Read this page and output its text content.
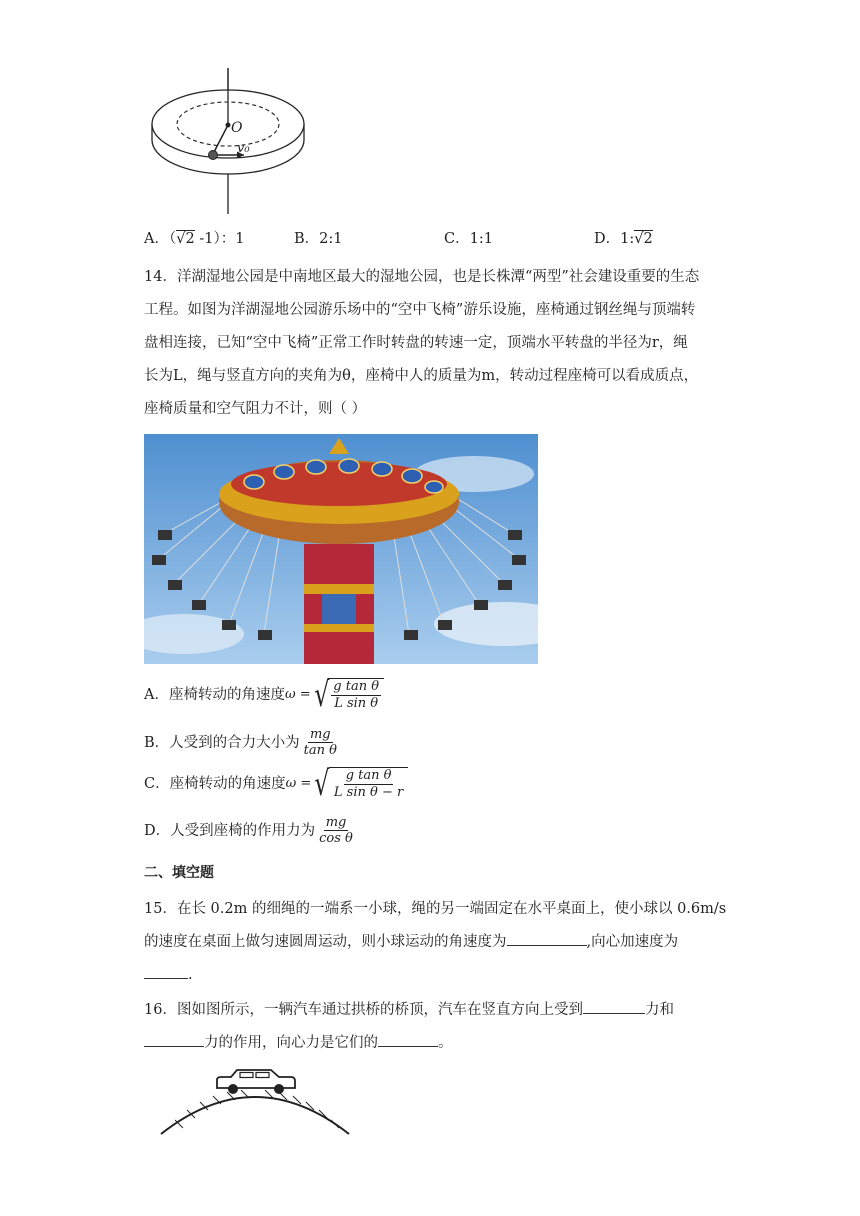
O
v₀
A．（√2 -1）：1	B．2:1	C．1:1	D．1:√2
14．洋湖湿地公园是中南地区最大的湿地公园，也是长株潭“两型”社会建设重要的生态
工程。如图为洋湖湿地公园游乐场中的“空中飞椅”游乐设施，座椅通过钢丝绳与顶端转
盘相连接，已知“空中飞椅”正常工作时转盘的转速一定，顶端水平转盘的半径为r，绳
长为L，绳与竖直方向的夹角为θ，座椅中人的质量为m，转动过程座椅可以看成质点，
座椅质量和空气阻力不计，则（ ）
A． 座椅转动的角速度 ω = √ $\frac{\text{g tan θ}}{\text{L sin θ}}$
B． 人受到的合力大小为 $\frac{mg}{\text{tan θ}}$
C． 座椅转动的角速度 ω = √ $\frac{\text{g tan θ}}{\text{L sin θ − r}}$
D． 人受到座椅的作用力为 $\frac{mg}{\text{cos θ}}$
二、填空题
15．在长 0.2m 的细绳的一端系一小球，绳的另一端固定在水平桌面上，使小球以 0.6m/s
的速度在桌面上做匀速圆周运动，则小球运动的角速度为	,向心加速度为
.
16．图如图所示，一辆汽车通过拱桥的桥顶，汽车在竖直方向上受到	力和
力的作用，向心力是它们的	。
